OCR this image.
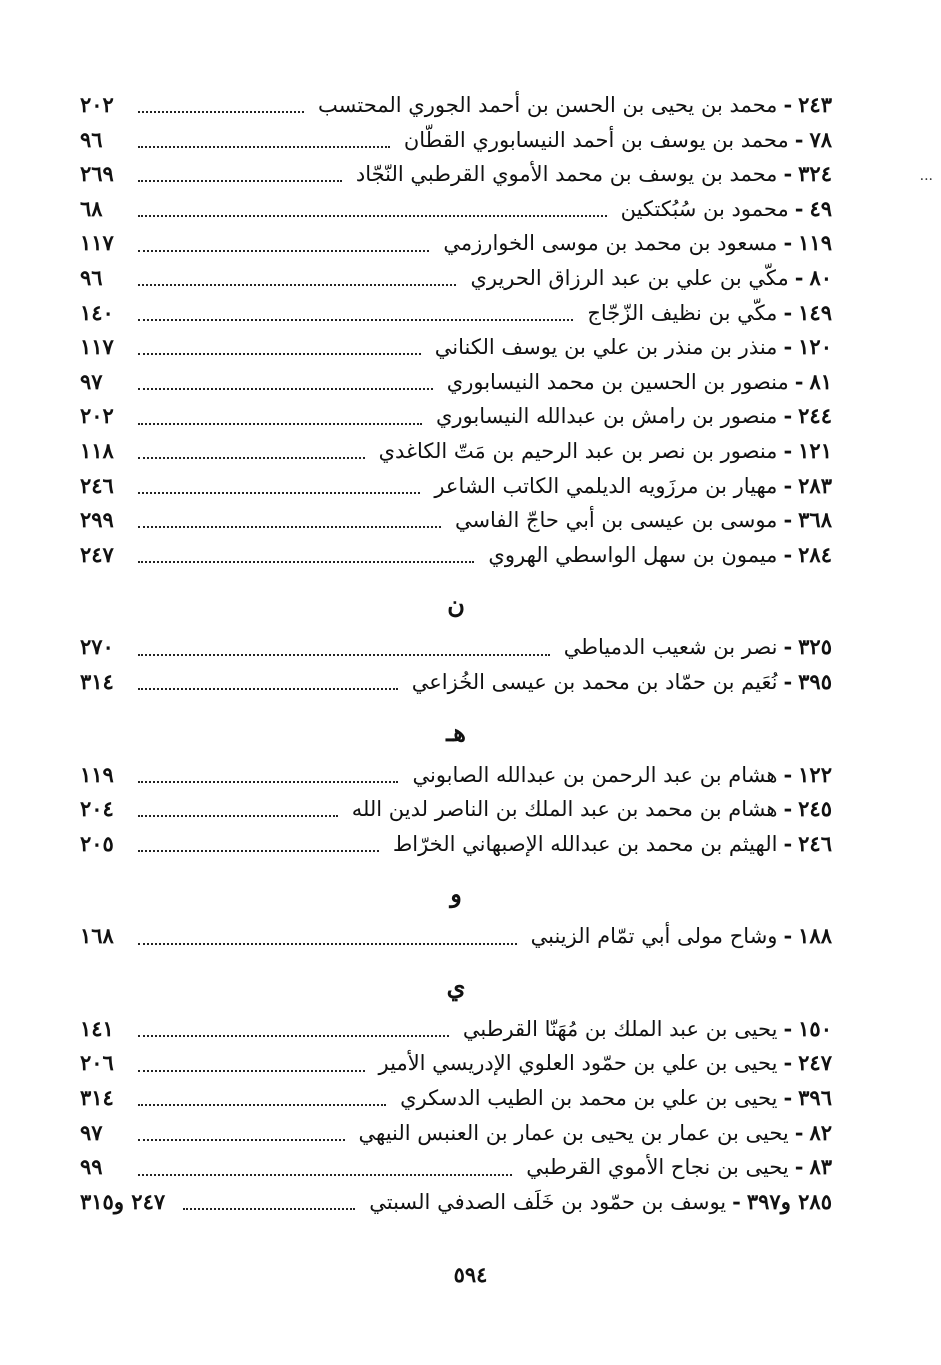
...
٢٤٣
-
محمد بن يحيى بن الحسن بن أحمد الجوري المحتسب
٢٠٢
٧٨
-
محمد بن يوسف بن أحمد النيسابوري القطّان
٩٦
٣٢٤
-
محمد بن يوسف بن محمد الأموي القرطبي النّجّاد
٢٦٩
٤٩
-
محمود بن سُبُكتكين
٦٨
١١٩
-
مسعود بن محمد بن موسى الخوارزمي
١١٧
٨٠
-
مكّي بن علي بن عبد الرزاق الحريري
٩٦
١٤٩
-
مكّي بن نظيف الزّجّاج
١٤٠
١٢٠
-
منذر بن منذر بن علي بن يوسف الكناني
١١٧
٨١
-
منصور بن الحسين بن محمد النيسابوري
٩٧
٢٤٤
-
منصور بن رامش بن عبدالله النيسابوري
٢٠٢
١٢١
-
منصور بن نصر بن عبد الرحيم بن مَتّ الكاغدي
١١٨
٢٨٣
-
مهيار بن مرزَويه الديلمي الكاتب الشاعر
٢٤٦
٣٦٨
-
موسى بن عيسى بن أبي حاجّ الفاسي
٢٩٩
٢٨٤
-
ميمون بن سهل الواسطي الهروي
٢٤٧
ن
٣٢٥
-
نصر بن شعيب الدمياطي
٢٧٠
٣٩٥
-
نُعَيم بن حمّاد بن محمد بن عيسى الخُزاعي
٣١٤
هـ
١٢٢
-
هشام بن عبد الرحمن بن عبدالله الصابوني
١١٩
٢٤٥
-
هشام بن محمد بن عبد الملك بن الناصر لدين الله
٢٠٤
٢٤٦
-
الهيثم بن محمد بن عبدالله الإصبهاني الخرّاط
٢٠٥
و
١٨٨
-
وشاح مولى أبي تمّام الزينبي
١٦٨
ي
١٥٠
-
يحيى بن عبد الملك بن مُهَنّا القرطبي
١٤١
٢٤٧
-
يحيى بن علي بن حمّود العلوي الإدريسي الأمير
٢٠٦
٣٩٦
-
يحيى بن علي بن محمد بن الطيب الدسكري
٣١٤
٨٢
-
يحيى بن عمار بن يحيى بن عمار بن العنبس النيهي
٩٧
٨٣
-
يحيى بن نجاح الأموي القرطبي
٩٩
٢٨٥ و٣٩٧
-
يوسف بن حمّود بن خَلَف الصدفي السبتي
٢٤٧ و٣١٥
٥٩٤
